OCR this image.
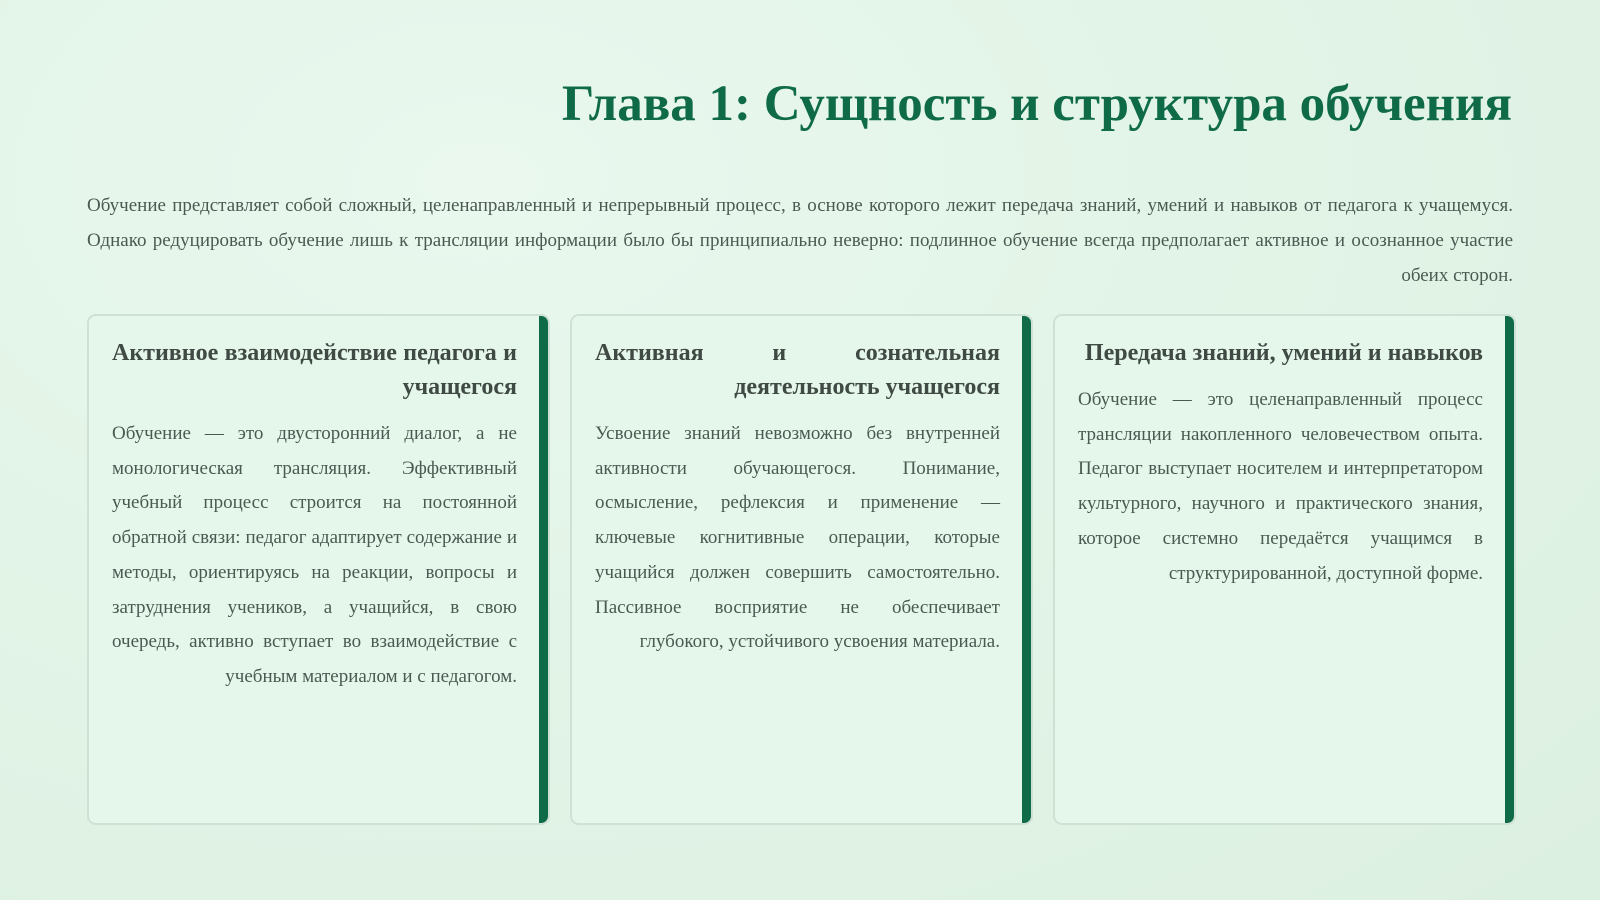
Глава 1: Сущность и структура обучения

Обучение представляет собой сложный, целенаправленный и непрерывный процесс, в основе которого лежит передача знаний, умений и навыков от педагога к учащемуся. Однако редуцировать обучение лишь к трансляции информации было бы принципиально неверно: подлинное обучение всегда предполагает активное и осознанное участие обеих сторон.

Активное взаимодействие педагога и учащегося

Обучение — это двусторонний диалог, а не монологическая трансляция. Эффективный учебный процесс строится на постоянной обратной связи: педагог адаптирует содержание и методы, ориентируясь на реакции, вопросы и затруднения учеников, а учащийся, в свою очередь, активно вступает во взаимодействие с учебным материалом и с педагогом.

Активная и сознательная деятельность учащегося

Усвоение знаний невозможно без внутренней активности обучающегося. Понимание, осмысление, рефлексия и применение — ключевые когнитивные операции, которые учащийся должен совершить самостоятельно. Пассивное восприятие не обеспечивает глубокого, устойчивого усвоения материала.

Передача знаний, умений и навыков

Обучение — это целенаправленный процесс трансляции накопленного человечеством опыта. Педагог выступает носителем и интерпретатором культурного, научного и практического знания, которое системно передаётся учащимся в структурированной, доступной форме.
